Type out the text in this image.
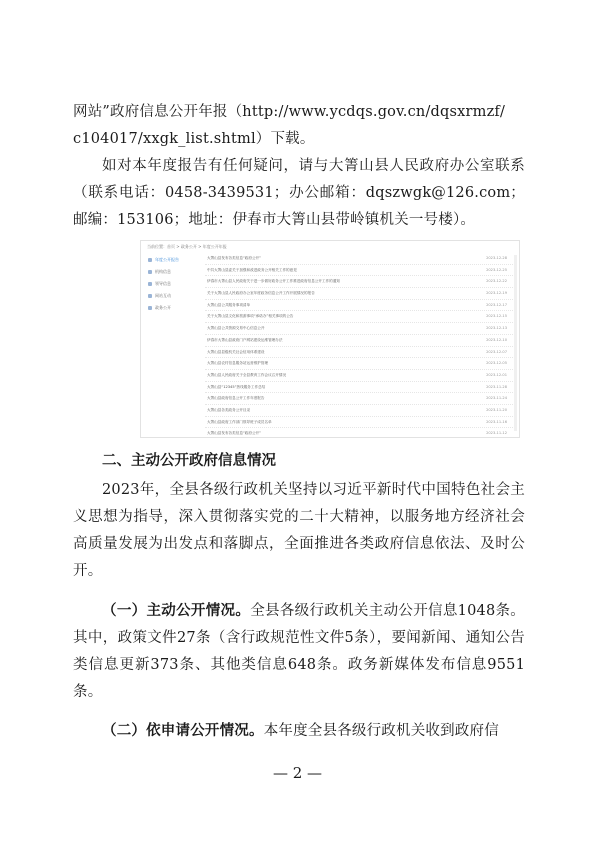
网站”政府信息公开年报（http://www.ycdqs.gov.cn/dqsxrmzf/
c104017/xxgk_list.shtml）下载。

如对本年度报告有任何疑问，请与大箐山县人民政府办公室联系（联系电话：0458-3439531；办公邮箱：dqszwgk@126.com；邮编：153106；地址：伊春市大箐山县带岭镇机关一号楼）。

当前位置：首页 > 政务公开 > 年度公开年报
年度公开报告
机构信息
领导信息
网站互动
政务公开
大箐山县发布各类信息“政府公开”	2023-12-28
中共大箐山县委关于加强和改进政务公开相关工作的意见	2023-12-25
伊春市大箐山县人民政府关于进一步做好政务公开工作推进政府信息公开工作的通知	2023-12-22
关于大箐山县人民政府办公室年度政务信息公开工作开展情况的报告	2023-12-19
大箐山县公共服务事项清单	2023-12-17
关于大箐山县文化和旅游事项“承诺办”相关事项的公告	2023-12-15
大箐山县公共资源交易中心信息公开	2023-12-13
伊春市大箐山县政府门户网站建设运维管理办法	2023-12-10
大箐山县县级机关社会信用体系建设	2023-12-07
大箐山县农村信息服务站运营维护管理	2023-12-05
大箐山县人民政府关于全县教育工作会议召开情况	2023-12-01
大箐山县“12345”热线服务工作总结	2023-11-28
大箐山县政府信息公开工作年度报告	2023-11-24
大箐山县各类政务公开目录	2023-11-20
大箐山县政府工作部门领导班子成员名单	2023-11-16
大箐山县发布各类信息“政府公开”	2023-11-12
二、主动公开政府信息情况

2023年，全县各级行政机关坚持以习近平新时代中国特色社会主义思想为指导，深入贯彻落实党的二十大精神，以服务地方经济社会高质量发展为出发点和落脚点，全面推进各类政府信息依法、及时公开。

（一）主动公开情况。全县各级行政机关主动公开信息1048条。其中，政策文件27条（含行政规范性文件5条），要闻新闻、通知公告类信息更新373条、其他类信息648条。政务新媒体发布信息9551条。

（二）依申请公开情况。本年度全县各级行政机关收到政府信

— 2 —
